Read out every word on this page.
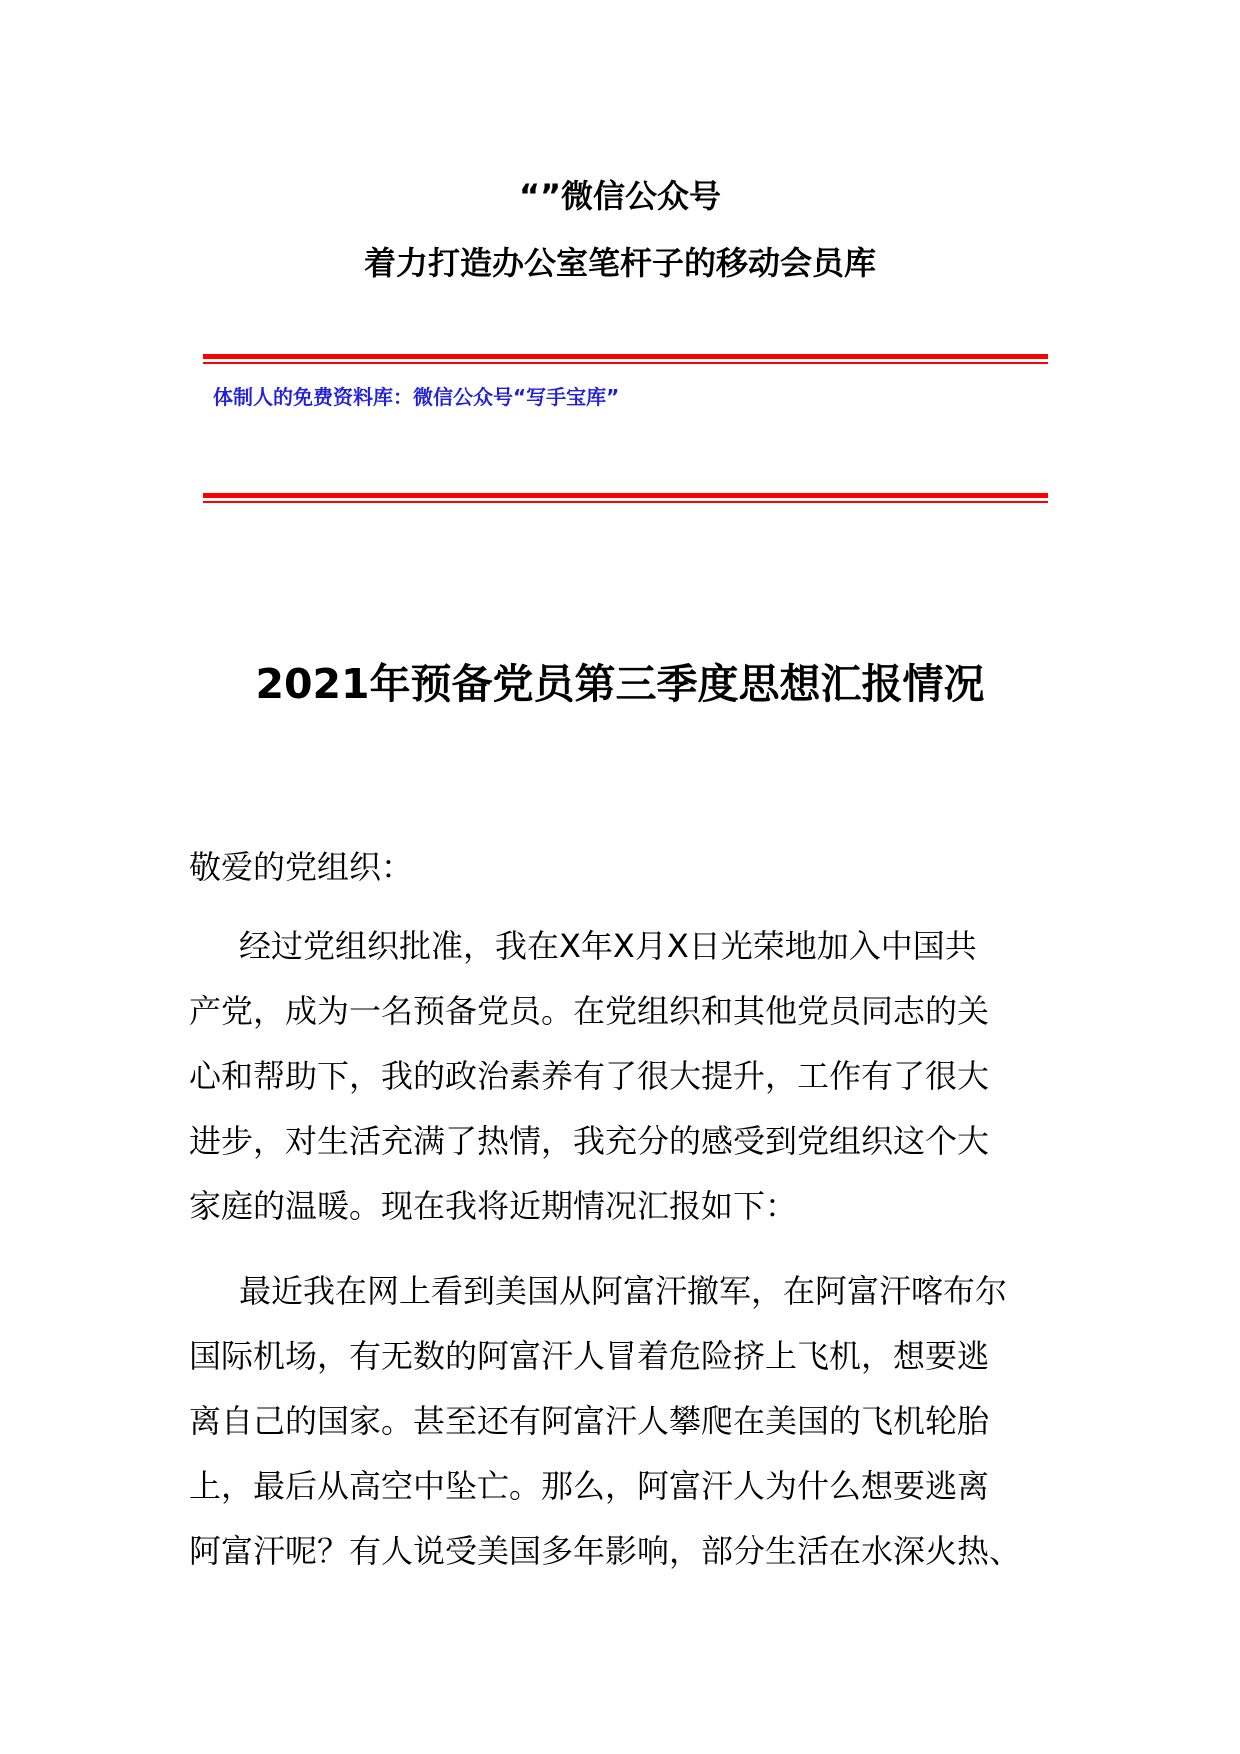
“”微信公众号
着力打造办公室笔杆子的移动会员库
体制人的免费资料库：微信公众号“写手宝库”
2021年预备党员第三季度思想汇报情况
敬爱的党组织：
经过党组织批准，我在X年X月X日光荣地加入中国共
产党，成为一名预备党员。在党组织和其他党员同志的关
心和帮助下，我的政治素养有了很大提升，工作有了很大
进步，对生活充满了热情，我充分的感受到党组织这个大
家庭的温暖。现在我将近期情况汇报如下：
最近我在网上看到美国从阿富汗撤军，在阿富汗喀布尔
国际机场，有无数的阿富汗人冒着危险挤上飞机，想要逃
离自己的国家。甚至还有阿富汗人攀爬在美国的飞机轮胎
上，最后从高空中坠亡。那么，阿富汗人为什么想要逃离
阿富汗呢？有人说受美国多年影响，部分生活在水深火热、
